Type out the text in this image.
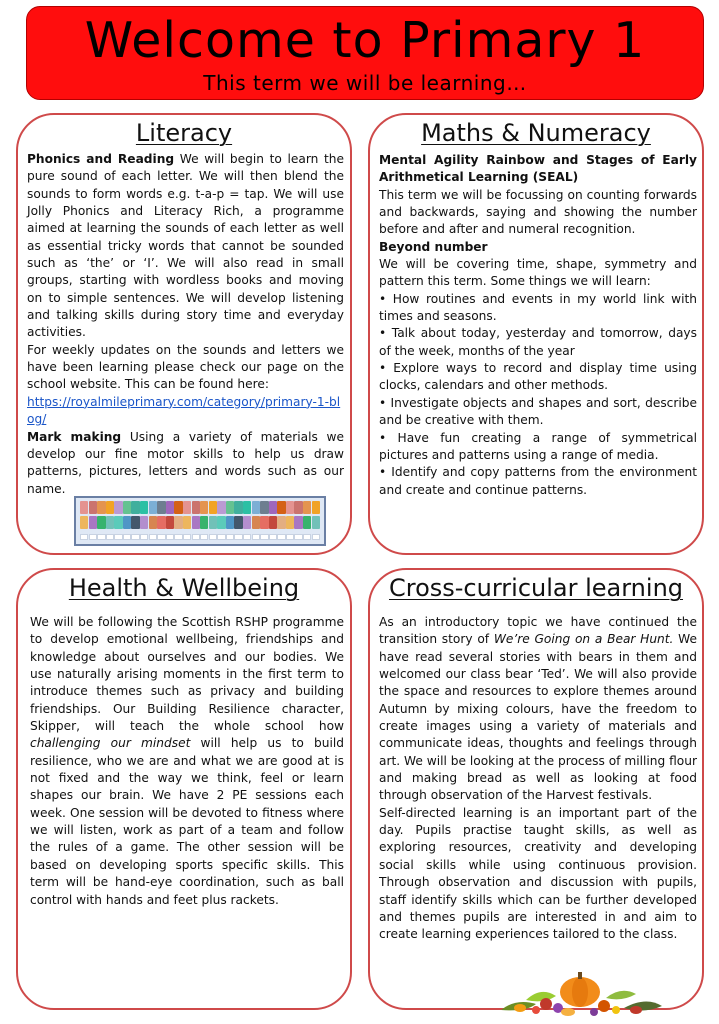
Welcome to Primary 1
This term we will be learning…
Literacy

Phonics and Reading We will begin to learn the pure sound of each letter. We will then blend the sounds to form words e.g. t-a-p = tap. We will use Jolly Phonics and Literacy Rich, a programme aimed at learning the sounds of each letter as well as essential tricky words that cannot be sounded such as ‘the’ or ‘I’. We will also read in small groups, starting with wordless books and moving on to simple sentences. We will develop listening and talking skills during story time and everyday activities.

For weekly updates on the sounds and letters we have been learning please check our page on the school website. This can be found here:

https://royalmileprimary.com/category/primary-1-blog/

Mark making Using a variety of materials we develop our fine motor skills to help us draw patterns, pictures, letters and words such as our name.

Maths & Numeracy

Mental Agility Rainbow and Stages of Early Arithmetical Learning (SEAL)

This term we will be focussing on counting forwards and backwards, saying and showing the number before and after and numeral recognition.

Beyond number

We will be covering time, shape, symmetry and pattern this term. Some things we will learn:

• How routines and events in my world link with times and seasons.

• Talk about today, yesterday and tomorrow, days of the week, months of the year

• Explore ways to record and display time using clocks, calendars and other methods.

• Investigate objects and shapes and sort, describe and be creative with them.

• Have fun creating a range of symmetrical pictures and patterns using a range of media.

• Identify and copy patterns from the environment and create and continue patterns.

Health & Wellbeing

We will be following the Scottish RSHP programme to develop emotional wellbeing, friendships and knowledge about ourselves and our bodies. We use naturally arising moments in the first term to introduce themes such as privacy and building friendships. Our Building Resilience character, Skipper, will teach the whole school how challenging our mindset will help us to build resilience, who we are and what we are good at is not fixed and the way we think, feel or learn shapes our brain. We have 2 PE sessions each week. One session will be devoted to fitness where we will listen, work as part of a team and follow the rules of a game. The other session will be based on developing sports specific skills. This term will be hand-eye coordination, such as ball control with hands and feet plus rackets.

Cross-curricular learning

As an introductory topic we have continued the transition story of We’re Going on a Bear Hunt. We have read several stories with bears in them and welcomed our class bear ‘Ted’. We will also provide the space and resources to explore themes around Autumn by mixing colours, have the freedom to create images using a variety of materials and communicate ideas, thoughts and feelings through art. We will be looking at the process of milling flour and making bread as well as looking at food through observation of the Harvest festivals.

Self-directed learning is an important part of the day. Pupils practise taught skills, as well as exploring resources, creativity and developing social skills while using continuous provision. Through observation and discussion with pupils, staff identify skills which can be further developed and themes pupils are interested in and aim to create learning experiences tailored to the class.
